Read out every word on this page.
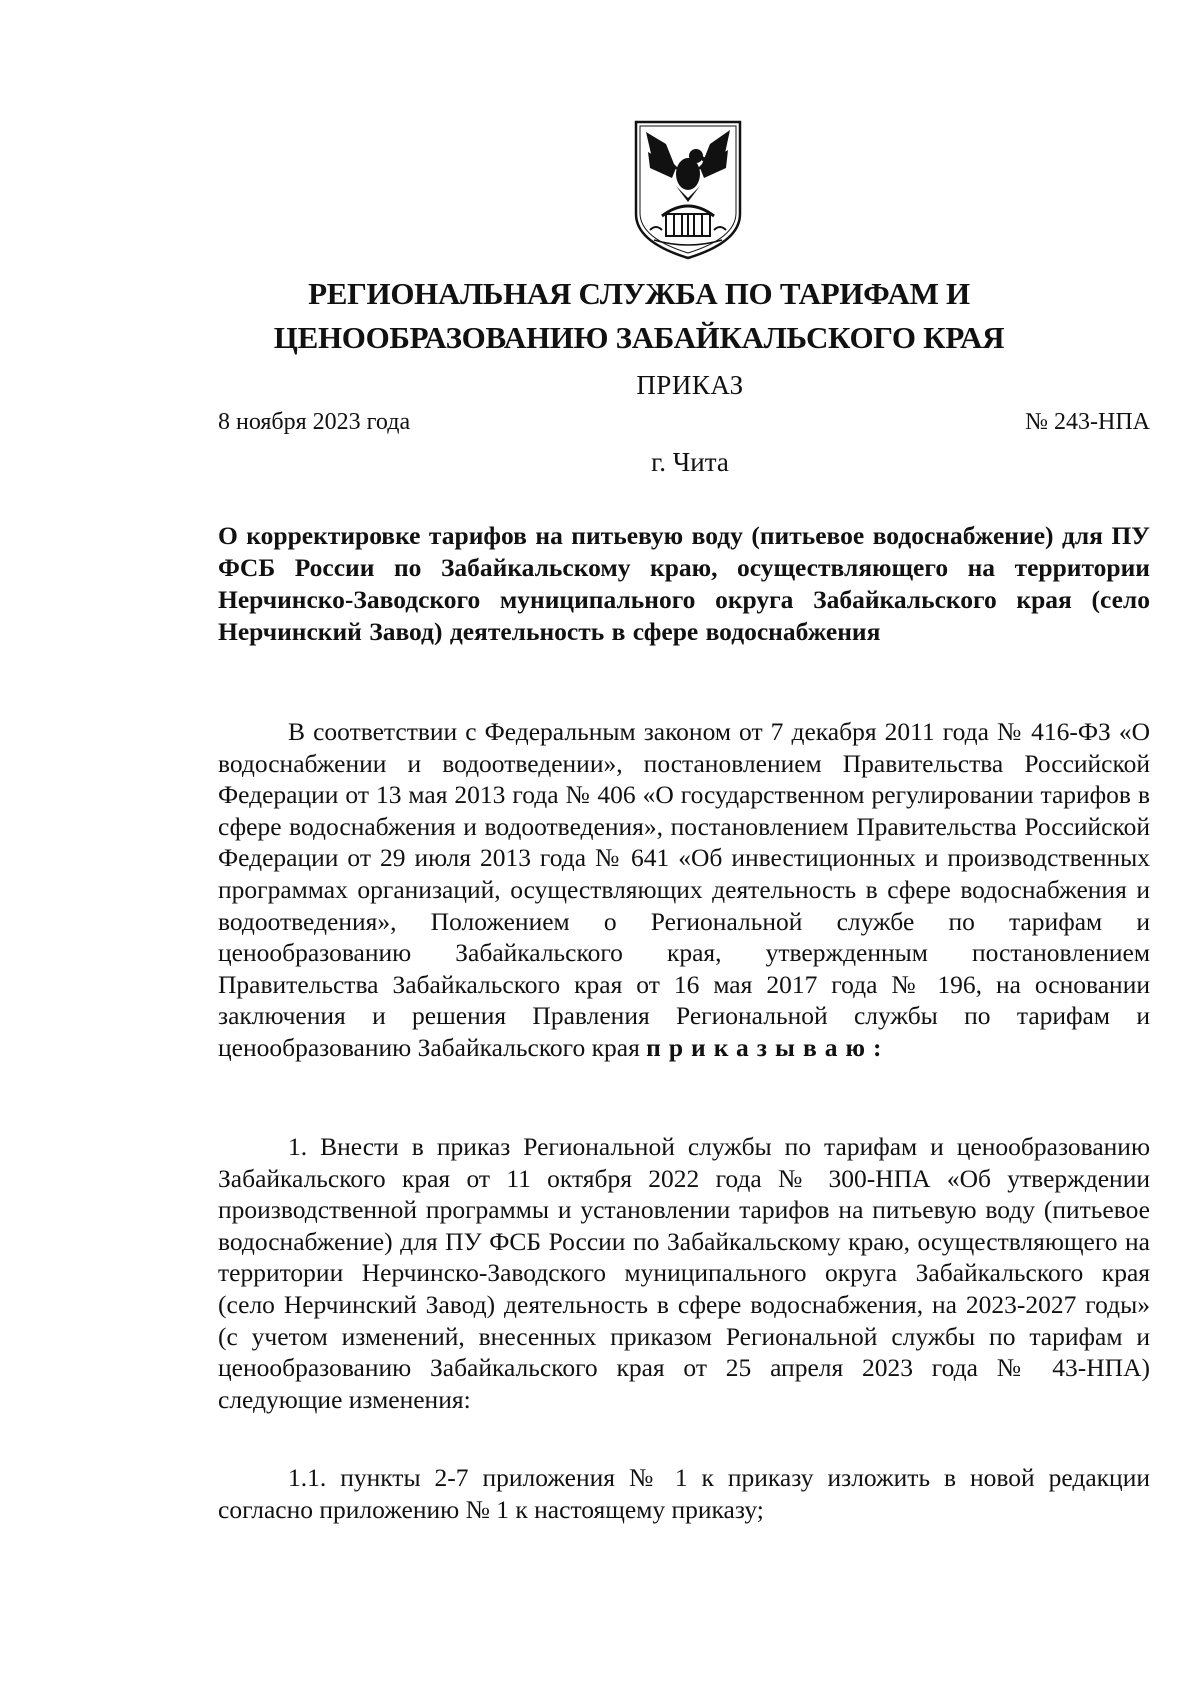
РЕГИОНАЛЬНАЯ СЛУЖБА ПО ТАРИФАМ И ЦЕНООБРАЗОВАНИЮ ЗАБАЙКАЛЬСКОГО КРАЯ
ПРИКАЗ
8 ноября 2023 года	№ 243-НПА
г. Чита

О корректировке тарифов на питьевую воду (питьевое водоснабжение) для ПУ ФСБ России по Забайкальскому краю, осуществляющего на территории Нерчинско-Заводского муниципального округа Забайкальского края (село Нерчинский Завод) деятельность в сфере водоснабжения

В соответствии с Федеральным законом от 7 декабря 2011 года № 416-ФЗ «О водоснабжении и водоотведении», постановлением Правительства Российской Федерации от 13 мая 2013 года № 406 «О государственном регулировании тарифов в сфере водоснабжения и водоотведения», постановлением Правительства Российской Федерации от 29 июля 2013 года № 641 «Об инвестиционных и производственных программах организаций, осуществляющих деятельность в сфере водоснабжения и водоотведения», Положением о Региональной службе по тарифам и ценообразованию Забайкальского края, утвержденным постановлением Правительства Забайкальского края от 16 мая 2017 года № 196, на основании заключения и решения Правления Региональной службы по тарифам и ценообразованию Забайкальского края приказываю:

1. Внести в приказ Региональной службы по тарифам и ценообразованию Забайкальского края от 11 октября 2022 года № 300-НПА «Об утверждении производственной программы и установлении тарифов на питьевую воду (питьевое водоснабжение) для ПУ ФСБ России по Забайкальскому краю, осуществляющего на территории Нерчинско-Заводского муниципального округа Забайкальского края (село Нерчинский Завод) деятельность в сфере водоснабжения, на 2023-2027 годы» (с учетом изменений, внесенных приказом Региональной службы по тарифам и ценообразованию Забайкальского края от 25 апреля 2023 года № 43-НПА) следующие изменения:

1.1. пункты 2-7 приложения № 1 к приказу изложить в новой редакции согласно приложению № 1 к настоящему приказу;
